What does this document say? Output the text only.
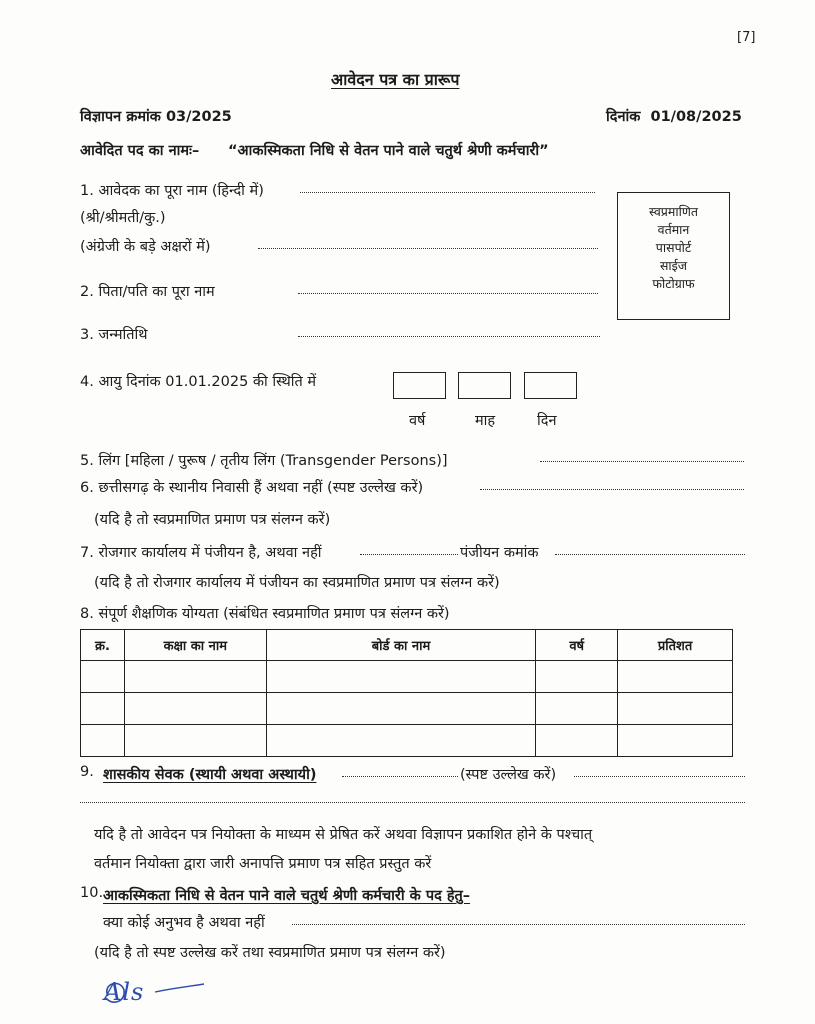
[7]
आवेदन पत्र का प्रारूप
विज्ञापन क्रमांक 03/2025	दिनांक  01/08/2025
आवेदित पद का नामः– “आकस्मिकता निधि से वेतन पाने वाले चतुर्थ श्रेणी कर्मचारी”
1. आवेदक का पूरा नाम (हिन्दी में)
(श्री/श्रीमती/कु.)
(अंग्रेजी के बड़े अक्षरों में)
स्वप्रमाणित
वर्तमान
पासपोर्ट
साईज
फोटोग्राफ
2. पिता/पति का पूरा नाम
3. जन्मतिथि
4. आयु दिनांक 01.01.2025 की स्थिति में
वर्ष	माह	दिन
5. लिंग [महिला / पुरूष / तृतीय लिंग (Transgender Persons)]
6. छत्तीसगढ़ के स्थानीय निवासी हैं अथवा नहीं (स्पष्ट उल्लेख करें)
(यदि है तो स्वप्रमाणित प्रमाण पत्र संलग्न करें)
7. रोजगार कार्यालय में पंजीयन है, अथवा नहीं	पंजीयन कमांक
(यदि है तो रोजगार कार्यालय में पंजीयन का स्वप्रमाणित प्रमाण पत्र संलग्न करें)
8. संपूर्ण शैक्षणिक योग्यता (संबंधित स्वप्रमाणित प्रमाण पत्र संलग्न करें)
क्र.	कक्षा का नाम	बोर्ड का नाम	वर्ष	प्रतिशत

9. शासकीय सेवक (स्थायी अथवा अस्थायी)	(स्पष्ट उल्लेख करें)
यदि है तो आवेदन पत्र नियोक्ता के माध्यम से प्रेषित करें अथवा विज्ञापन प्रकाशित होने के पश्चात्
वर्तमान नियोक्ता द्वारा जारी अनापत्ति प्रमाण पत्र सहित प्रस्तुत करें
10. आकस्मिकता निधि से वेतन पाने वाले चतुर्थ श्रेणी कर्मचारी के पद हेतु–
क्या कोई अनुभव है अथवा नहीं
(यदि है तो स्पष्ट उल्लेख करें तथा स्वप्रमाणित प्रमाण पत्र संलग्न करें)
Als
